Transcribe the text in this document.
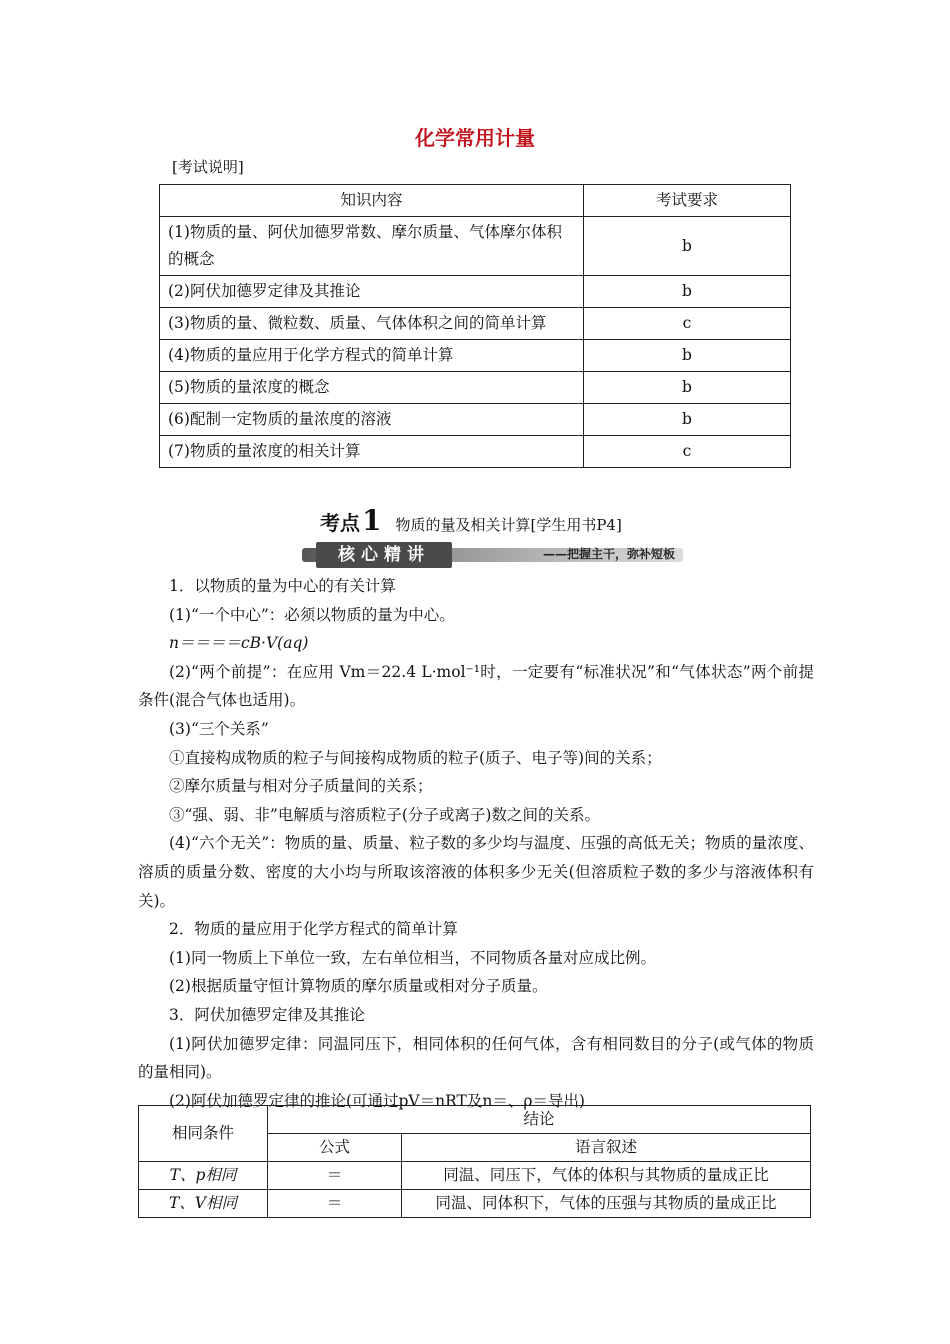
化学常用计量
[考试说明]
知识内容	考试要求
(1)物质的量、阿伏加德罗常数、摩尔质量、气体摩尔体积的概念	b
(2)阿伏加德罗定律及其推论	b
(3)物质的量、微粒数、质量、气体体积之间的简单计算	c
(4)物质的量应用于化学方程式的简单计算	b
(5)物质的量浓度的概念	b
(6)配制一定物质的量浓度的溶液	b
(7)物质的量浓度的相关计算	c
考点1 物质的量及相关计算[学生用书P4]
核心精讲	——把握主干，弥补短板

1．以物质的量为中心的有关计算

(1)“一个中心”：必须以物质的量为中心。

n＝＝＝＝cB·V(aq)

(2)“两个前提”：在应用 Vm＝22.4 L·mol⁻¹时，一定要有“标准状况”和“气体状态”两个前提条件(混合气体也适用)。

(3)“三个关系”

①直接构成物质的粒子与间接构成物质的粒子(质子、电子等)间的关系；

②摩尔质量与相对分子质量间的关系；

③“强、弱、非”电解质与溶质粒子(分子或离子)数之间的关系。

(4)“六个无关”：物质的量、质量、粒子数的多少均与温度、压强的高低无关；物质的量浓度、溶质的质量分数、密度的大小均与所取该溶液的体积多少无关(但溶质粒子数的多少与溶液体积有关)。

2．物质的量应用于化学方程式的简单计算

(1)同一物质上下单位一致，左右单位相当，不同物质各量对应成比例。

(2)根据质量守恒计算物质的摩尔质量或相对分子质量。

3．阿伏加德罗定律及其推论

(1)阿伏加德罗定律：同温同压下，相同体积的任何气体，含有相同数目的分子(或气体的物质的量相同)。

(2)阿伏加德罗定律的推论(可通过pV＝nRT及n＝、ρ＝导出)

相同条件	结论	
	公式	语言叙述
T、p相同	＝	同温、同压下，气体的体积与其物质的量成正比
T、V相同	＝	同温、同体积下，气体的压强与其物质的量成正比
